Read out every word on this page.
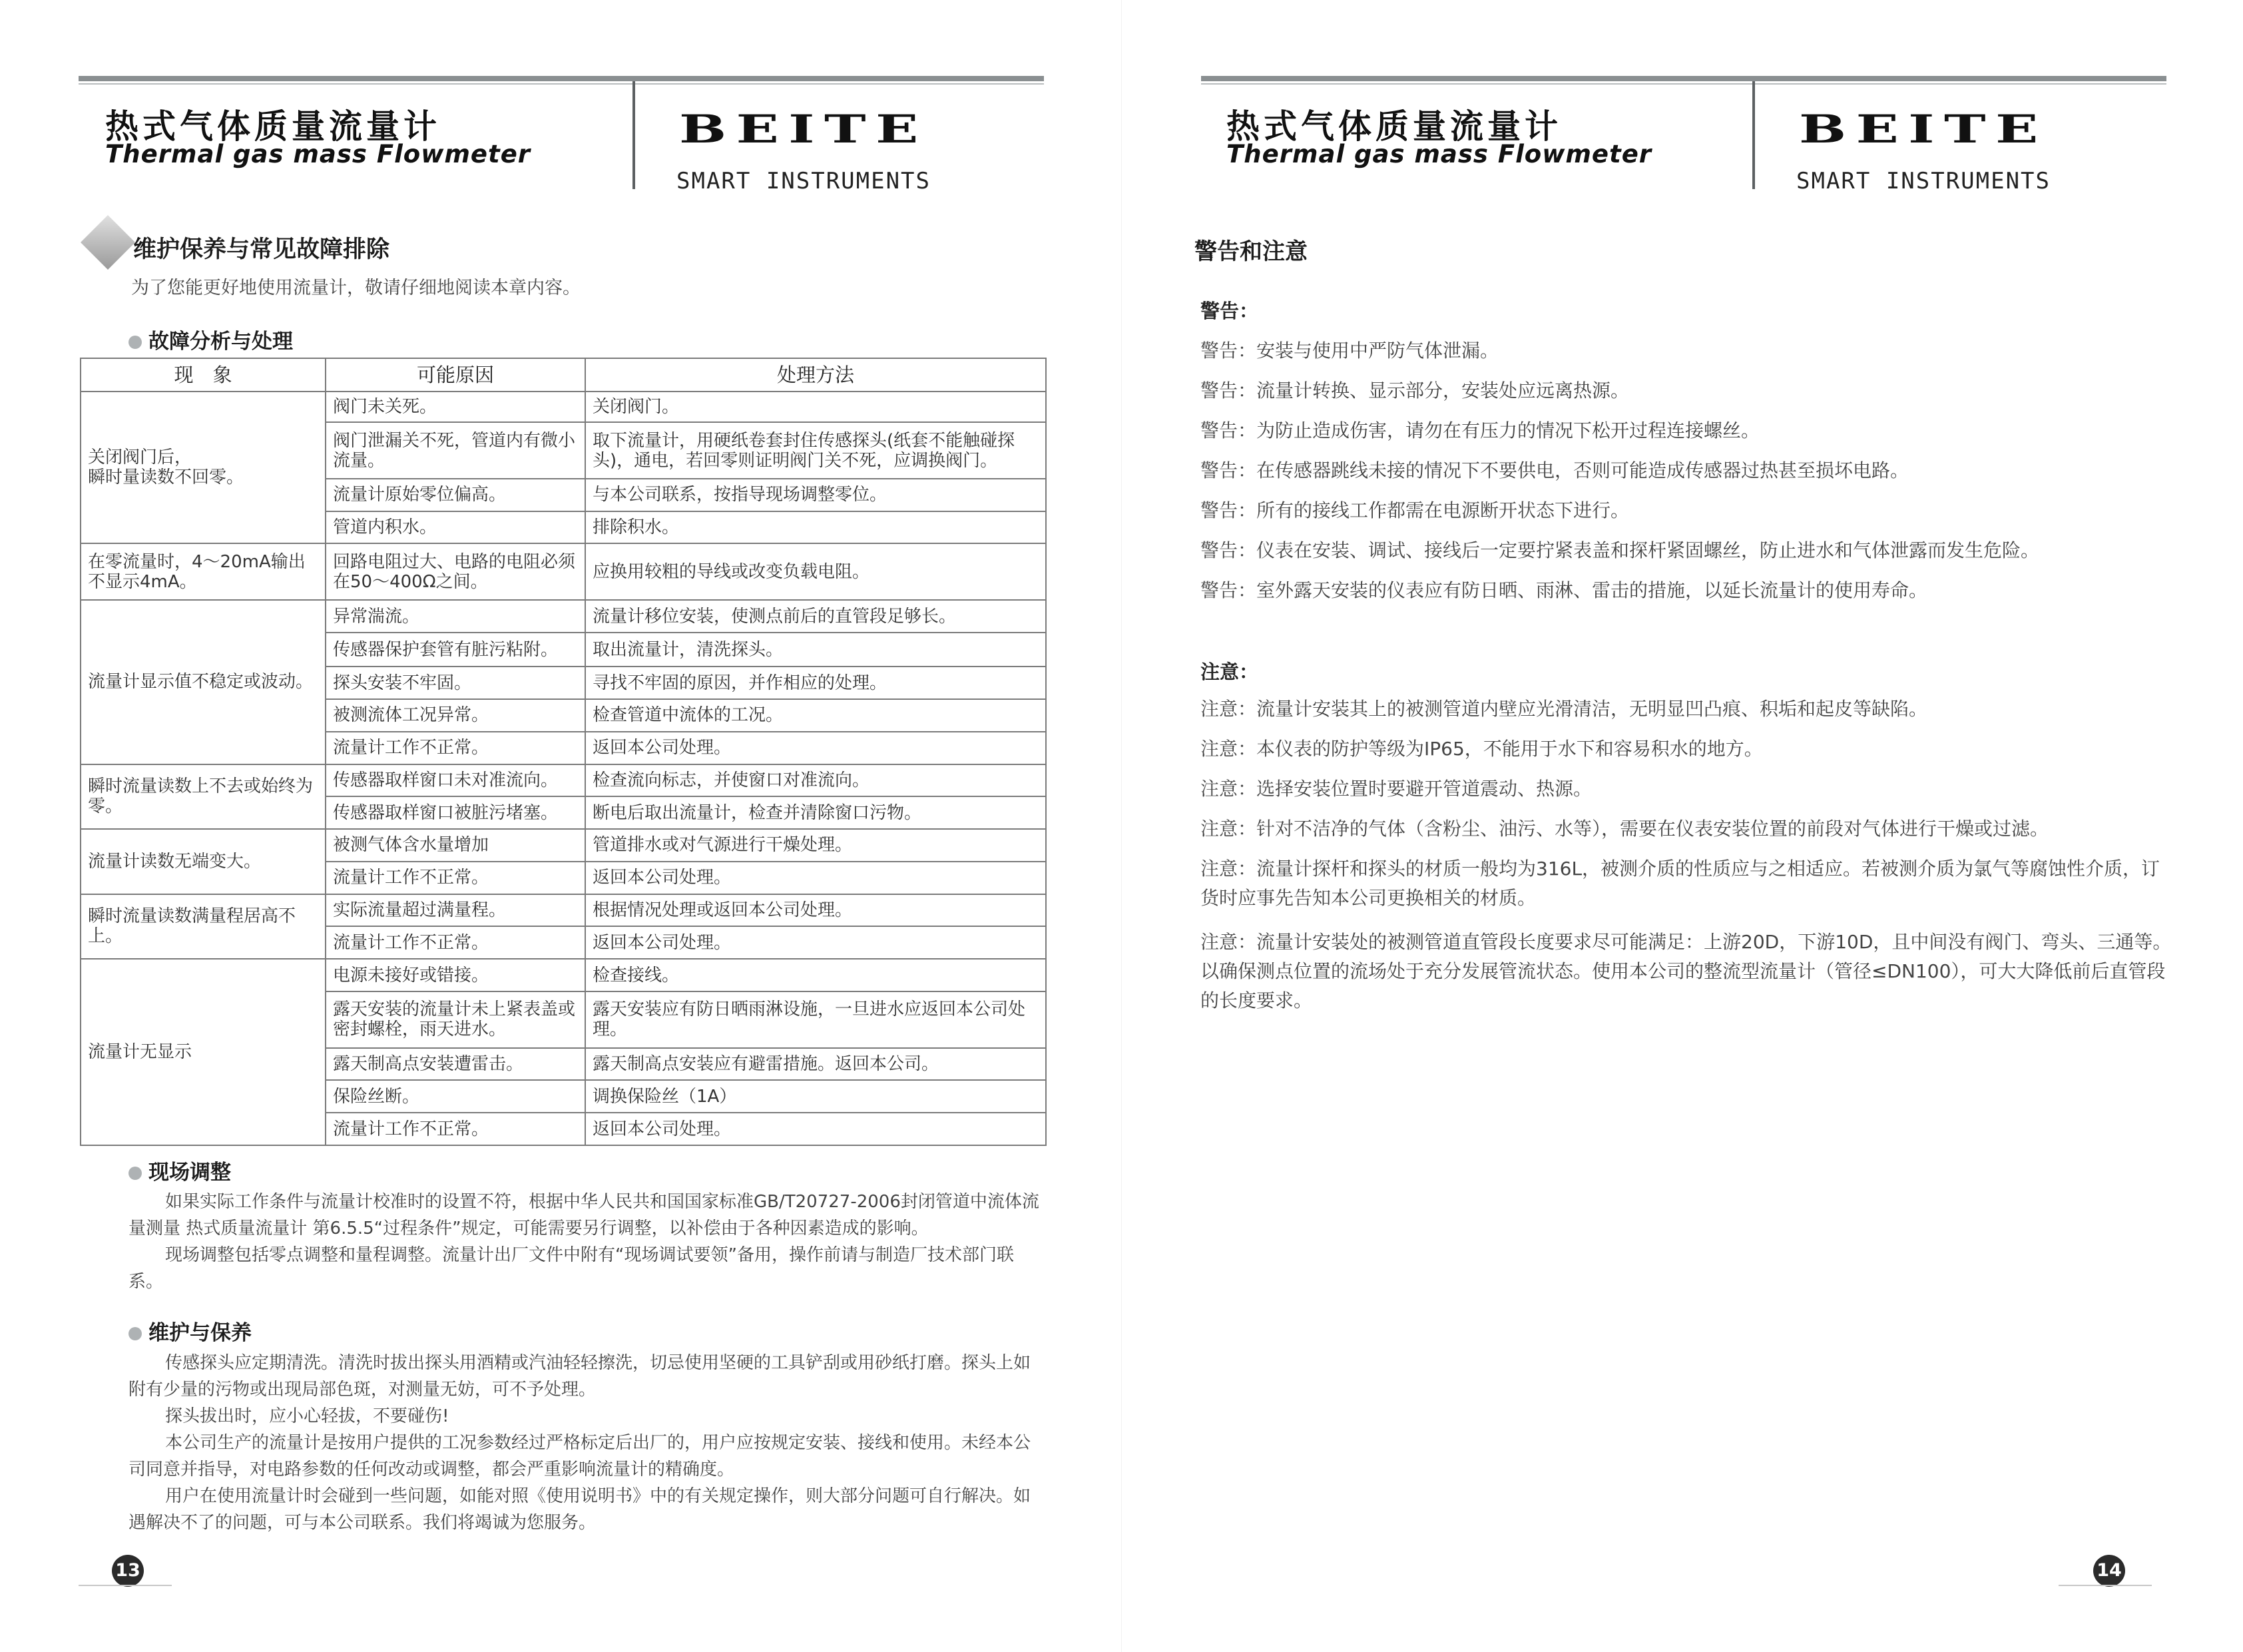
热式气体质量流量计
Thermal gas mass Flowmeter
BEITE
SMART INSTRUMENTS
维护保养与常见故障排除
为了您能更好地使用流量计，敬请仔细地阅读本章内容。
故障分析与处理
现　象	可能原因	处理方法
关闭阀门后，
瞬时量读数不回零。	阀门未关死。	关闭阀门。
	阀门泄漏关不死，管道内有微小流量。	取下流量计，用硬纸卷套封住传感探头(纸套不能触碰探头)，通电，若回零则证明阀门关不死，应调换阀门。
	流量计原始零位偏高。	与本公司联系，按指导现场调整零位。
	管道内积水。	排除积水。
在零流量时，4～20mA输出不显示4mA。	回路电阻过大、电路的电阻必须在50～400Ω之间。	应换用较粗的导线或改变负载电阻。
流量计显示值不稳定或波动。	异常湍流。	流量计移位安装，使测点前后的直管段足够长。
	传感器保护套管有脏污粘附。	取出流量计，清洗探头。
	探头安装不牢固。	寻找不牢固的原因，并作相应的处理。
	被测流体工况异常。	检查管道中流体的工况。
	流量计工作不正常。	返回本公司处理。
瞬时流量读数上不去或始终为零。	传感器取样窗口未对准流向。	检查流向标志，并使窗口对准流向。
	传感器取样窗口被脏污堵塞。	断电后取出流量计，检查并清除窗口污物。
流量计读数无端变大。	被测气体含水量增加	管道排水或对气源进行干燥处理。
	流量计工作不正常。	返回本公司处理。
瞬时流量读数满量程居高不上。	实际流量超过满量程。	根据情况处理或返回本公司处理。
	流量计工作不正常。	返回本公司处理。
流量计无显示	电源未接好或错接。	检查接线。
	露天安装的流量计未上紧表盖或密封螺栓，雨天进水。	露天安装应有防日晒雨淋设施，一旦进水应返回本公司处理。
	露天制高点安装遭雷击。	露天制高点安装应有避雷措施。返回本公司。
	保险丝断。	调换保险丝（1A）
	流量计工作不正常。	返回本公司处理。
现场调整

如果实际工作条件与流量计校准时的设置不符，根据中华人民共和国国家标准GB/T20727-2006封闭管道中流体流量测量 热式质量流量计 第6.5.5“过程条件”规定，可能需要另行调整，以补偿由于各种因素造成的影响。

现场调整包括零点调整和量程调整。流量计出厂文件中附有“现场调试要领”备用，操作前请与制造厂技术部门联系。

维护与保养

传感探头应定期清洗。清洗时拔出探头用酒精或汽油轻轻擦洗，切忌使用坚硬的工具铲刮或用砂纸打磨。探头上如附有少量的污物或出现局部色斑，对测量无妨，可不予处理。

探头拔出时，应小心轻拔，不要碰伤!

本公司生产的流量计是按用户提供的工况参数经过严格标定后出厂的，用户应按规定安装、接线和使用。未经本公司同意并指导，对电路参数的任何改动或调整，都会严重影响流量计的精确度。

用户在使用流量计时会碰到一些问题，如能对照《使用说明书》中的有关规定操作，则大部分问题可自行解决。如遇解决不了的问题，可与本公司联系。我们将竭诚为您服务。

13
热式气体质量流量计
Thermal gas mass Flowmeter
BEITE
SMART INSTRUMENTS
警告和注意
14
警告：
警告：安装与使用中严防气体泄漏。
警告：流量计转换、显示部分，安装处应远离热源。
警告：为防止造成伤害，请勿在有压力的情况下松开过程连接螺丝。
警告：在传感器跳线未接的情况下不要供电，否则可能造成传感器过热甚至损坏电路。
警告：所有的接线工作都需在电源断开状态下进行。
警告：仪表在安装、调试、接线后一定要拧紧表盖和探杆紧固螺丝，防止进水和气体泄露而发生危险。
警告：室外露天安装的仪表应有防日晒、雨淋、雷击的措施，以延长流量计的使用寿命。
注意：
注意：流量计安装其上的被测管道内壁应光滑清洁，无明显凹凸痕、积垢和起皮等缺陷。
注意：本仪表的防护等级为IP65，不能用于水下和容易积水的地方。
注意：选择安装位置时要避开管道震动、热源。
注意：针对不洁净的气体（含粉尘、油污、水等），需要在仪表安装位置的前段对气体进行干燥或过滤。
注意：流量计探杆和探头的材质一般均为316L，被测介质的性质应与之相适应。若被测介质为氯气等腐蚀性介质，订货时应事先告知本公司更换相关的材质。
注意：流量计安装处的被测管道直管段长度要求尽可能满足：上游20D，下游10D，且中间没有阀门、弯头、三通等。以确保测点位置的流场处于充分发展管流状态。使用本公司的整流型流量计（管径≤DN100），可大大降低前后直管段的长度要求。
